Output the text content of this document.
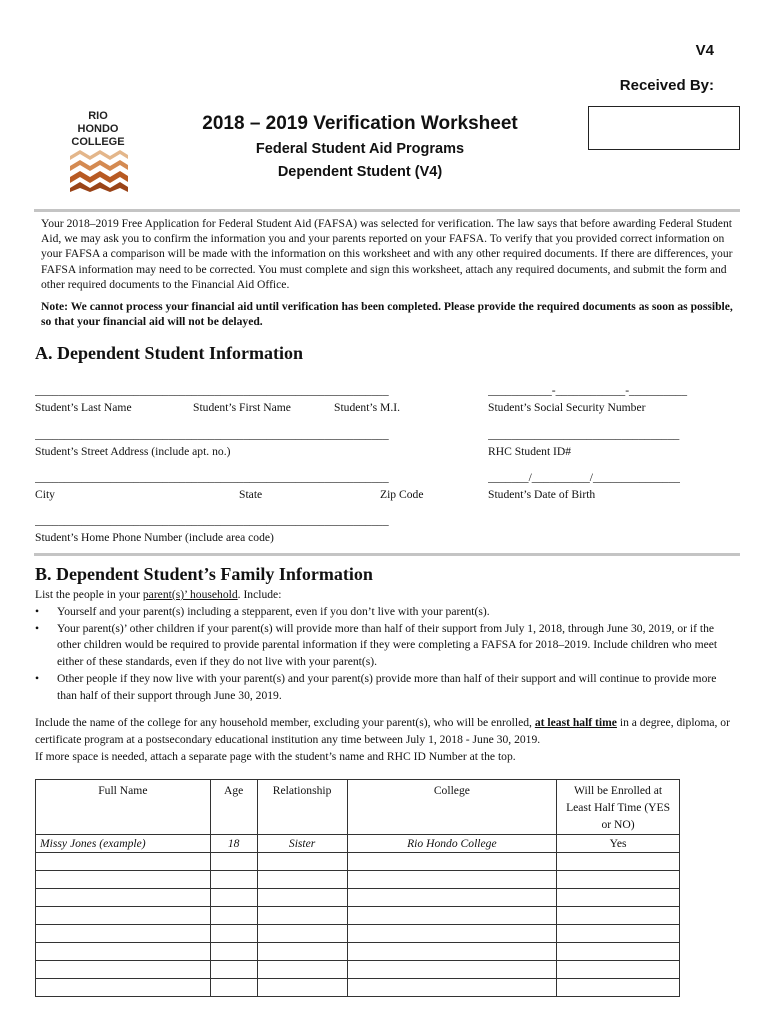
V4
Received By:
RIO
HONDO
COLLEGE
2018 – 2019 Verification Worksheet
Federal Student Aid Programs
Dependent Student (V4)
Your 2018–2019 Free Application for Federal Student Aid (FAFSA) was selected for verification. The law says that before awarding Federal Student Aid, we may ask you to confirm the information you and your parents reported on your FAFSA. To verify that you provided correct information on your FAFSA a comparison will be made with the information on this worksheet and with any other required documents. If there are differences, your FAFSA information may need to be corrected. You must complete and sign this worksheet, attach any required documents, and submit the form and other required documents to the Financial Aid Office.
Note: We cannot process your financial aid until verification has been completed. Please provide the required documents as soon as possible, so that your financial aid will not be delayed.
A. Dependent Student Information
_____________________________________________________________	___________-____________-__________
Student’s Last Name	Student’s First Name	Student’s M.I.	Student’s Social Security Number
_____________________________________________________________	_________________________________
Student’s Street Address (include apt. no.)	RHC Student ID#
_____________________________________________________________	_______/__________/_______________
City	State	Zip Code	Student’s Date of Birth
_____________________________________________________________
Student’s Home Phone Number (include area code)
B. Dependent Student’s Family Information
List the people in your parent(s)’ household. Include:
• Yourself and your parent(s) including a stepparent, even if you don’t live with your parent(s).
• Your parent(s)’ other children if your parent(s) will provide more than half of their support from July 1, 2018, through June 30, 2019, or if the other children would be required to provide parental information if they were completing a FAFSA for 2018–2019. Include children who meet either of these standards, even if they do not live with your parent(s).
• Other people if they now live with your parent(s) and your parent(s) provide more than half of their support and will continue to provide more than half of their support through June 30, 2019.
Include the name of the college for any household member, excluding your parent(s), who will be enrolled, at least half time in a degree, diploma, or certificate program at a postsecondary educational institution any time between July 1, 2018 - June 30, 2019.
If more space is needed, attach a separate page with the student’s name and RHC ID Number at the top.
Full Name	Age	Relationship	College	Will be Enrolled at Least Half Time (YES or NO)
Missy Jones (example)	18	Sister	Rio Hondo College	Yes
